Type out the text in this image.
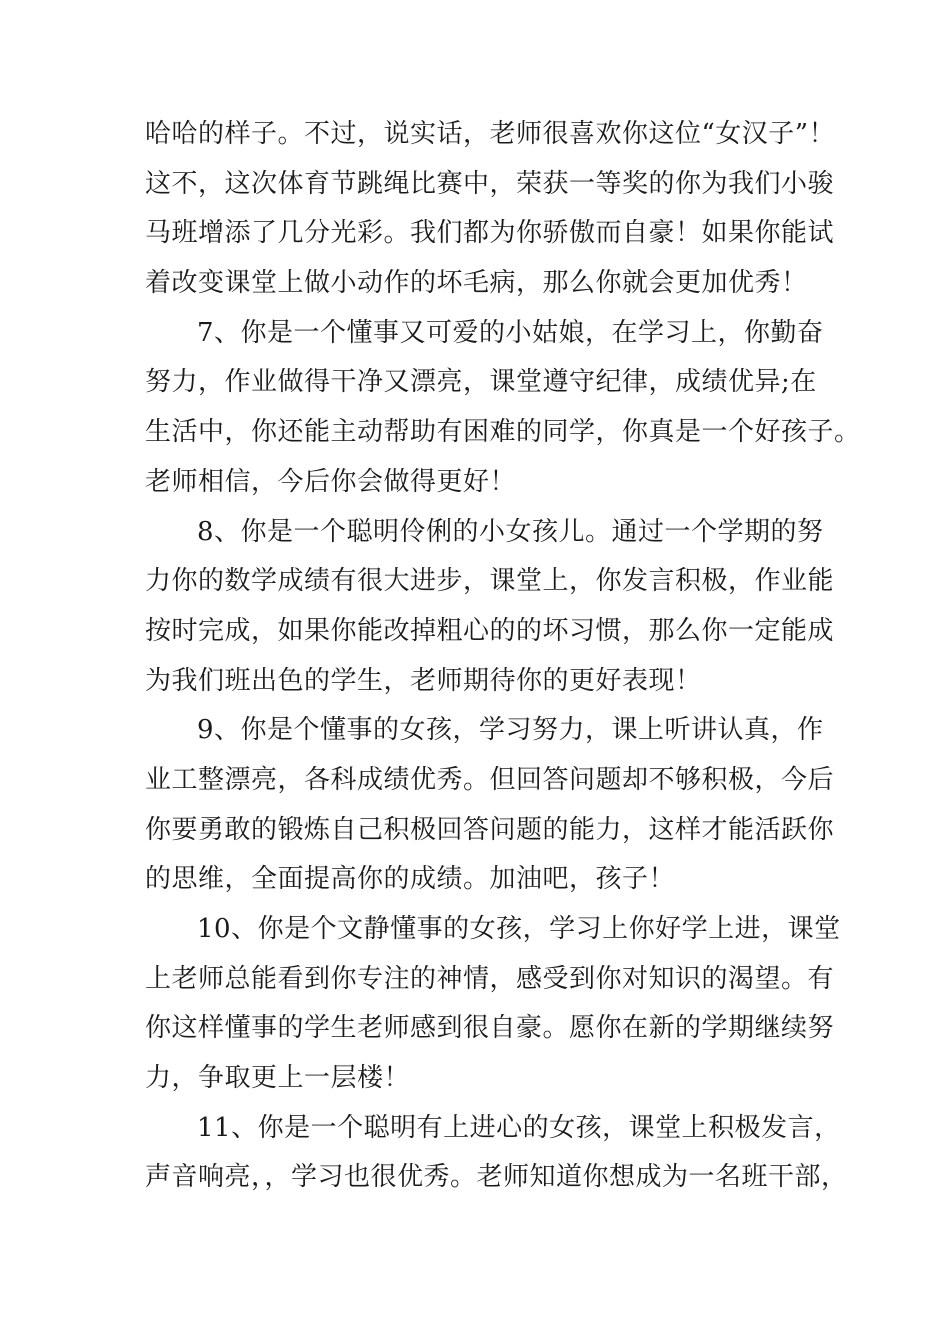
哈哈的样子。不过，说实话，老师很喜欢你这位“女汉子”！
这不，这次体育节跳绳比赛中，荣获一等奖的你为我们小骏
马班增添了几分光彩。我们都为你骄傲而自豪！如果你能试
着改变课堂上做小动作的坏毛病，那么你就会更加优秀！
7、你是一个懂事又可爱的小姑娘，在学习上，你勤奋
努力，作业做得干净又漂亮，课堂遵守纪律，成绩优异;在
生活中，你还能主动帮助有困难的同学，你真是一个好孩子。
老师相信，今后你会做得更好！
8、你是一个聪明伶俐的小女孩儿。通过一个学期的努
力你的数学成绩有很大进步，课堂上，你发言积极，作业能
按时完成，如果你能改掉粗心的的坏习惯，那么你一定能成
为我们班出色的学生，老师期待你的更好表现！
9、你是个懂事的女孩，学习努力，课上听讲认真，作
业工整漂亮，各科成绩优秀。但回答问题却不够积极，今后
你要勇敢的锻炼自己积极回答问题的能力，这样才能活跃你
的思维，全面提高你的成绩。加油吧，孩子！
10、你是个文静懂事的女孩，学习上你好学上进，课堂
上老师总能看到你专注的神情，感受到你对知识的渴望。有
你这样懂事的学生老师感到很自豪。愿你在新的学期继续努
力，争取更上一层楼！
11、你是一个聪明有上进心的女孩，课堂上积极发言，
声音响亮，，学习也很优秀。老师知道你想成为一名班干部，
